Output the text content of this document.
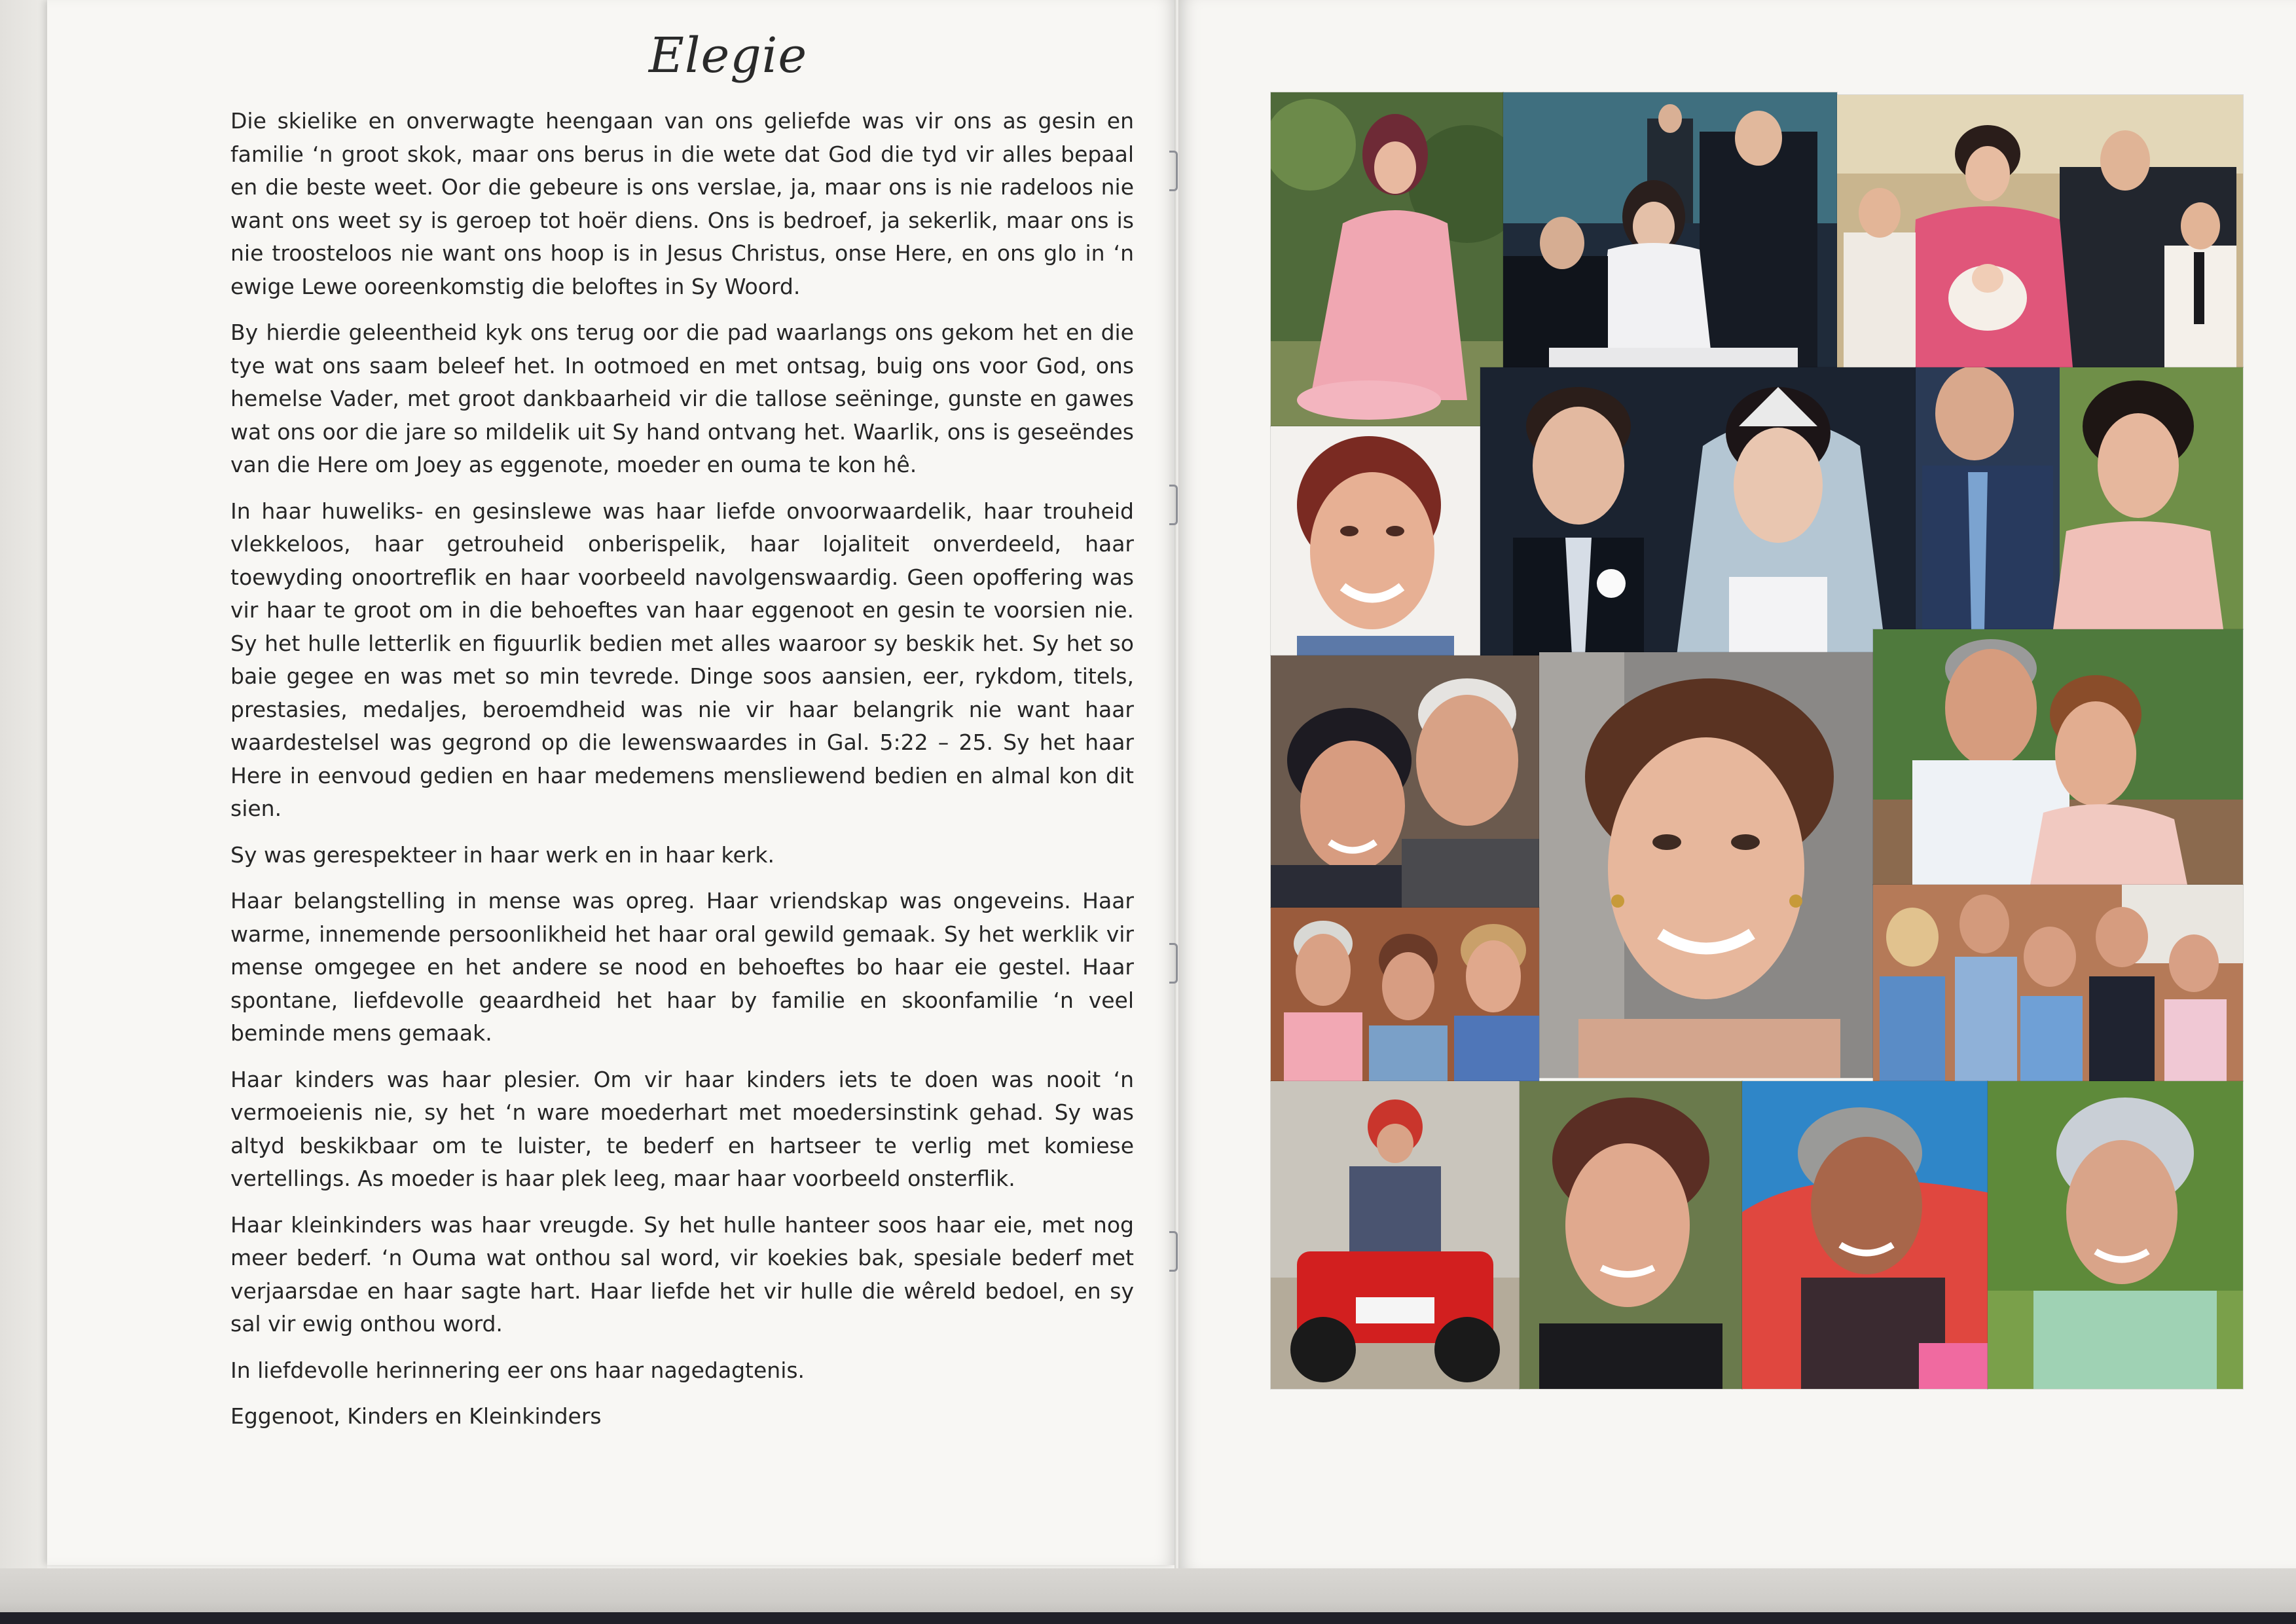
Elegie

Die skielike en onverwagte heengaan van ons geliefde was vir ons as gesin en familie ‘n groot skok, maar ons berus in die wete dat God die tyd vir alles bepaal en die beste weet. Oor die gebeure is ons verslae, ja, maar ons is nie radeloos nie want ons weet sy is geroep tot hoër diens. Ons is bedroef, ja sekerlik, maar ons is nie troosteloos nie want ons hoop is in Jesus Christus, onse Here, en ons glo in ‘n ewige Lewe ooreenkomstig die beloftes in Sy Woord.

By hierdie geleentheid kyk ons terug oor die pad waarlangs ons gekom het en die tye wat ons saam beleef het. In ootmoed en met ontsag, buig ons voor God, ons hemelse Vader, met groot dankbaarheid vir die tallose seëninge, gunste en gawes wat ons oor die jare so mildelik uit Sy hand ontvang het. Waarlik, ons is geseëndes van die Here om Joey as eggenote, moeder en ouma te kon hê.

In haar huweliks- en gesinslewe was haar liefde onvoorwaardelik, haar trouheid vlekkeloos, haar getrouheid onberispelik, haar lojaliteit onverdeeld, haar toewyding onoortreflik en haar voorbeeld navolgenswaardig. Geen opoffering was vir haar te groot om in die behoeftes van haar eggenoot en gesin te voorsien nie. Sy het hulle letterlik en figuurlik bedien met alles waaroor sy beskik het. Sy het so baie gegee en was met so min tevrede. Dinge soos aansien, eer, rykdom, titels, prestasies, medaljes, beroemdheid was nie vir haar belangrik nie want haar waardestelsel was gegrond op die lewenswaardes in Gal. 5:22 – 25. Sy het haar Here in eenvoud gedien en haar medemens mensliewend bedien en almal kon dit sien.

Sy was gerespekteer in haar werk en in haar kerk.

Haar belangstelling in mense was opreg. Haar vriendskap was ongeveins. Haar warme, innemende persoonlikheid het haar oral gewild gemaak. Sy het werklik vir mense omgegee en het andere se nood en behoeftes bo haar eie gestel. Haar spontane, liefdevolle geaardheid het haar by familie en skoonfamilie ‘n veel beminde mens gemaak.

Haar kinders was haar plesier. Om vir haar kinders iets te doen was nooit ‘n vermoeienis nie, sy het ‘n ware moederhart met moedersinstink gehad. Sy was altyd beskikbaar om te luister, te bederf en hartseer te verlig met komiese vertellings. As moeder is haar plek leeg, maar haar voorbeeld onsterflik.

Haar kleinkinders was haar vreugde. Sy het hulle hanteer soos haar eie, met nog meer bederf. ‘n Ouma wat onthou sal word, vir koekies bak, spesiale bederf met verjaarsdae en haar sagte hart. Haar liefde het vir hulle die wêreld bedoel, en sy sal vir ewig onthou word.

In liefdevolle herinnering eer ons haar nagedagtenis.

Eggenoot, Kinders en Kleinkinders
